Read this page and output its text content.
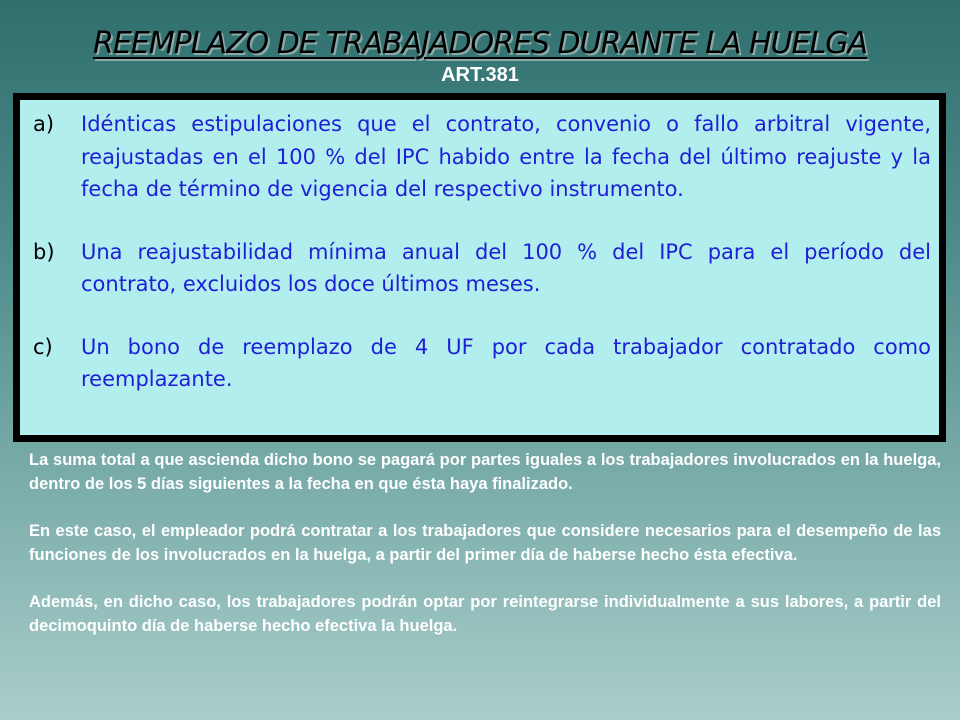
REEMPLAZO DE TRABAJADORES DURANTE LA HUELGA
ART.381
a)	Idénticas estipulaciones que el contrato, convenio o fallo arbitral vigente, reajustadas en el 100 % del IPC habido entre la fecha del último reajuste y la fecha de término de vigencia del respectivo instrumento.
b)	Una reajustabilidad mínima anual del 100 % del IPC para el período del contrato, excluidos los doce últimos meses.
c)	Un bono de reemplazo de 4 UF por cada trabajador contratado como reemplazante.

La suma total a que ascienda dicho bono se pagará por partes iguales a los trabajadores involucrados en la huelga, dentro de los 5 días siguientes a la fecha en que ésta haya finalizado.

En este caso, el empleador podrá contratar a los trabajadores que considere necesarios para el desempeño de las funciones de los involucrados en la huelga, a partir del primer día de haberse hecho ésta efectiva.

Además, en dicho caso, los trabajadores podrán optar por reintegrarse individualmente a sus labores, a partir del decimoquinto día de haberse hecho efectiva la huelga.
